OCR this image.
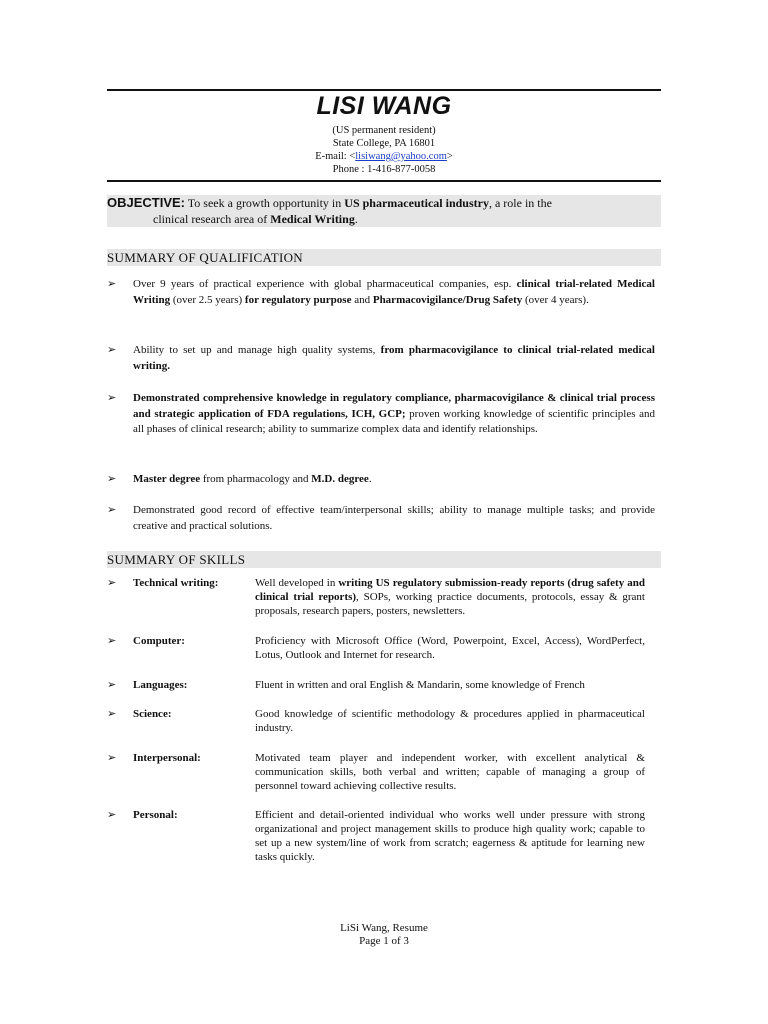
LISI WANG
(US permanent resident)
State College, PA 16801
E-mail: <lisiwang@yahoo.com>
Phone : 1-416-877-0058
OBJECTIVE: To seek a growth opportunity in US pharmaceutical industry, a role in the
clinical research area of Medical Writing.
SUMMARY OF QUALIFICATION
➢ Over 9 years of practical experience with global pharmaceutical companies, esp. clinical trial-related Medical Writing (over 2.5 years) for regulatory purpose and Pharmacovigilance/Drug Safety (over 4 years).
➢ Ability to set up and manage high quality systems, from pharmacovigilance to clinical trial-related medical writing.
➢ Demonstrated comprehensive knowledge in regulatory compliance, pharmacovigilance & clinical trial process and strategic application of FDA regulations, ICH, GCP; proven working knowledge of scientific principles and all phases of clinical research; ability to summarize complex data and identify relationships.
➢ Master degree from pharmacology and M.D. degree.
➢ Demonstrated good record of effective team/interpersonal skills; ability to manage multiple tasks; and provide creative and practical solutions.
SUMMARY OF SKILLS
➢	Technical writing:	Well developed in writing US regulatory submission-ready reports (drug safety and clinical trial reports), SOPs, working practice documents, protocols, essay & grant proposals, research papers, posters, newsletters.
➢ Computer:	Proficiency with Microsoft Office (Word, Powerpoint, Excel, Access), WordPerfect, Lotus, Outlook and Internet for research.
➢ Languages:	Fluent in written and oral English & Mandarin, some knowledge of French
➢ Science:	Good knowledge of scientific methodology & procedures applied in pharmaceutical industry.
➢ Interpersonal:	Motivated team player and independent worker, with excellent analytical & communication skills, both verbal and written; capable of managing a group of personnel toward achieving collective results.
➢ Personal:	Efficient and detail-oriented individual who works well under pressure with strong organizational and project management skills to produce high quality work; capable to set up a new system/line of work from scratch; eagerness & aptitude for learning new tasks quickly.
LiSi Wang, Resume
Page 1 of 3
